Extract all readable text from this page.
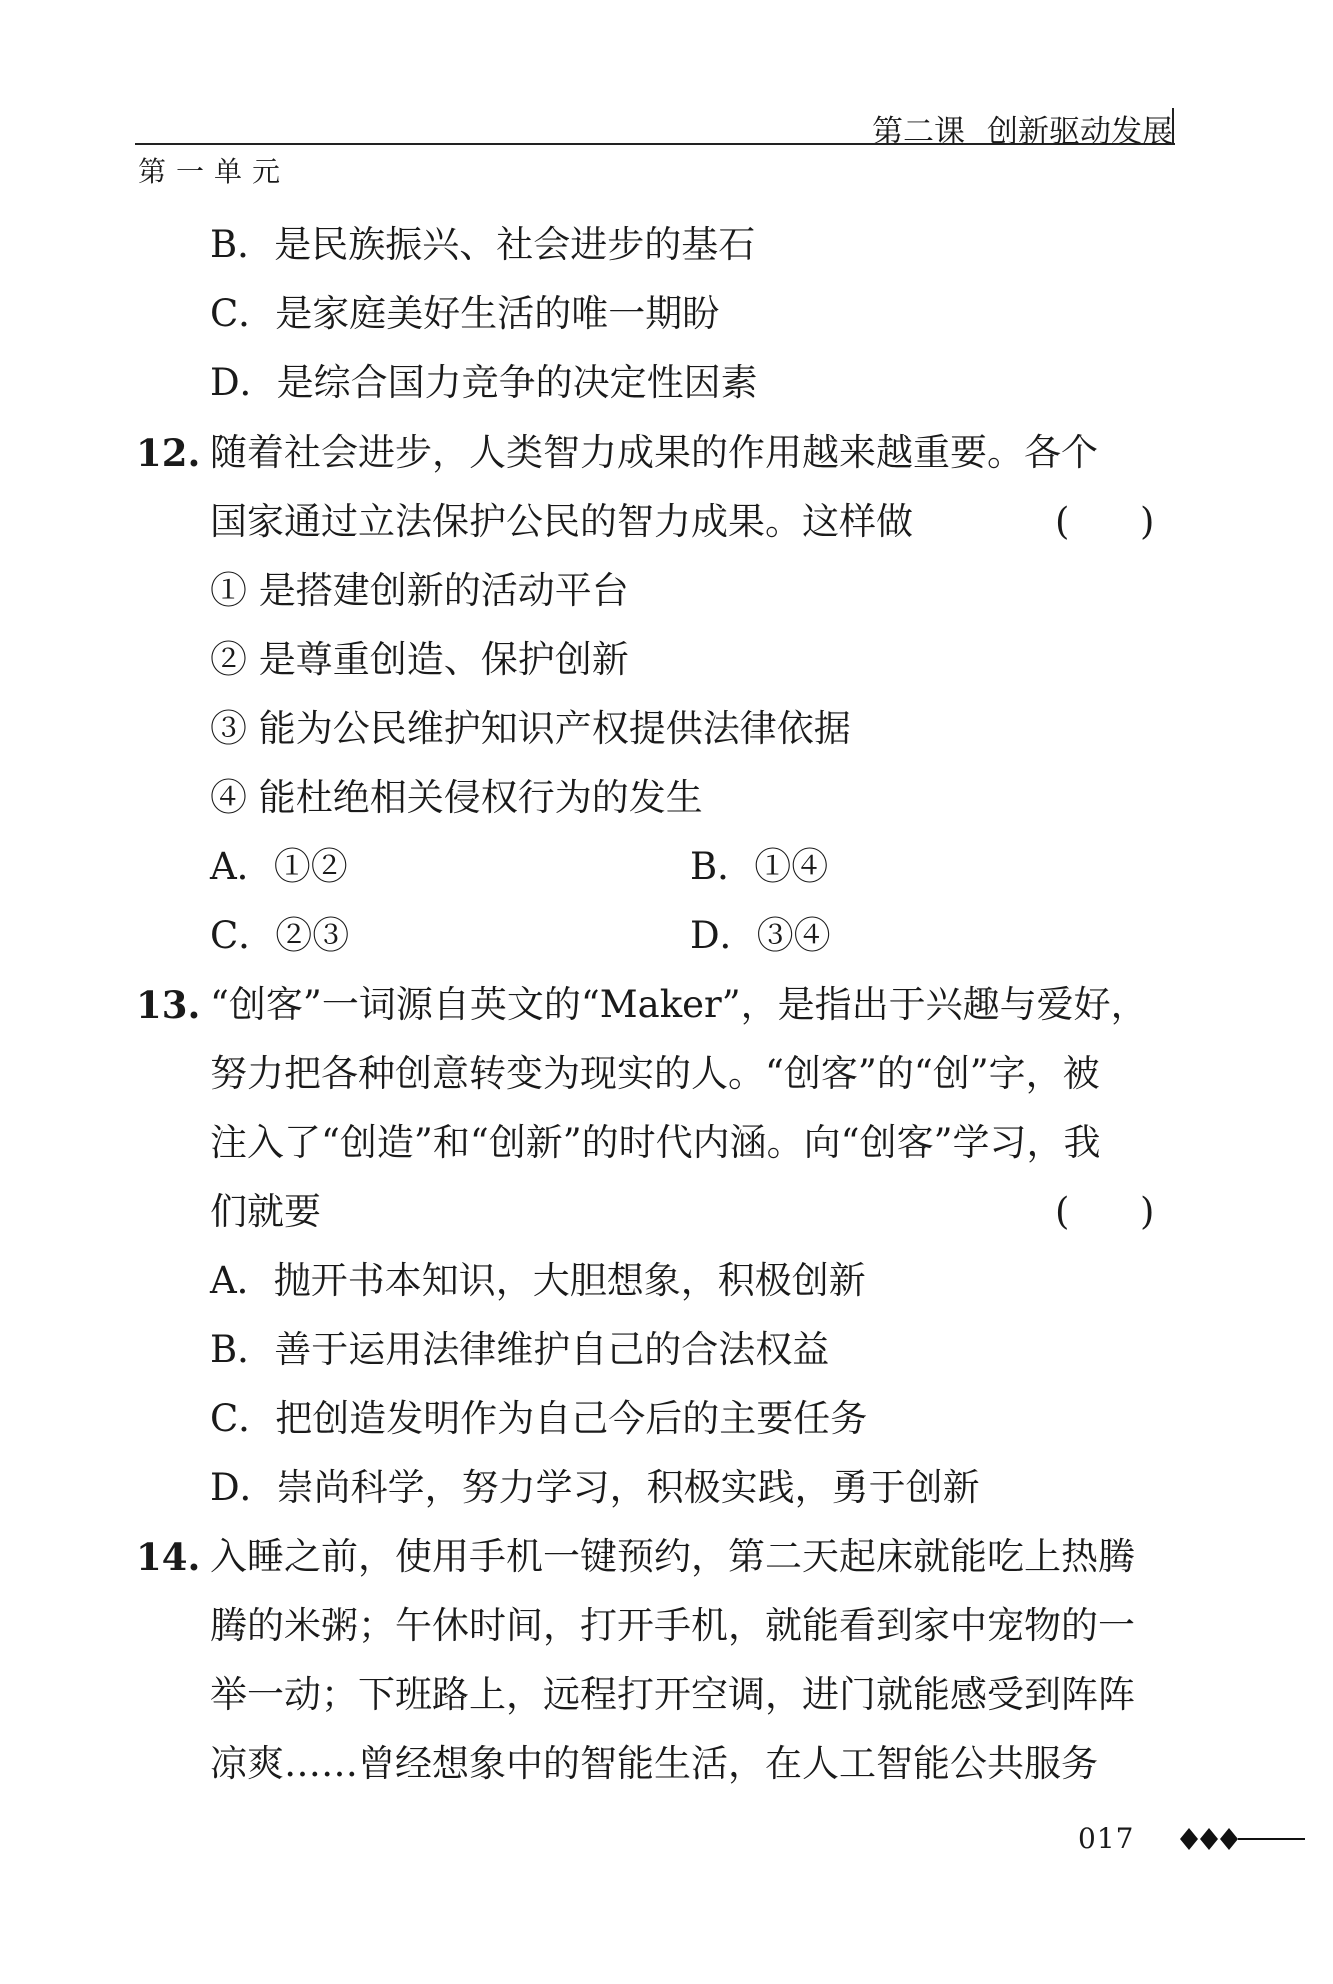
第二课 创新驱动发展
第一单元
B．是民族振兴、社会进步的基石
C．是家庭美好生活的唯一期盼
D．是综合国力竞争的决定性因素
12. 随着社会进步，人类智力成果的作用越来越重要。各个
国家通过立法保护公民的智力成果。这样做	(      )
① 是搭建创新的活动平台
② 是尊重创造、保护创新
③ 能为公民维护知识产权提供法律依据
④ 能杜绝相关侵权行为的发生
A．①②	B．①④
C．②③	D．③④
13. “创客”一词源自英文的“Maker”，是指出于兴趣与爱好，
努力把各种创意转变为现实的人。“创客”的“创”字，被
注入了“创造”和“创新”的时代内涵。向“创客”学习，我
们就要	(      )
A．抛开书本知识，大胆想象，积极创新
B．善于运用法律维护自己的合法权益
C．把创造发明作为自己今后的主要任务
D．崇尚科学，努力学习，积极实践，勇于创新
14. 入睡之前，使用手机一键预约，第二天起床就能吃上热腾
腾的米粥；午休时间，打开手机，就能看到家中宠物的一
举一动；下班路上，远程打开空调，进门就能感受到阵阵
凉爽……曾经想象中的智能生活，在人工智能公共服务
017
